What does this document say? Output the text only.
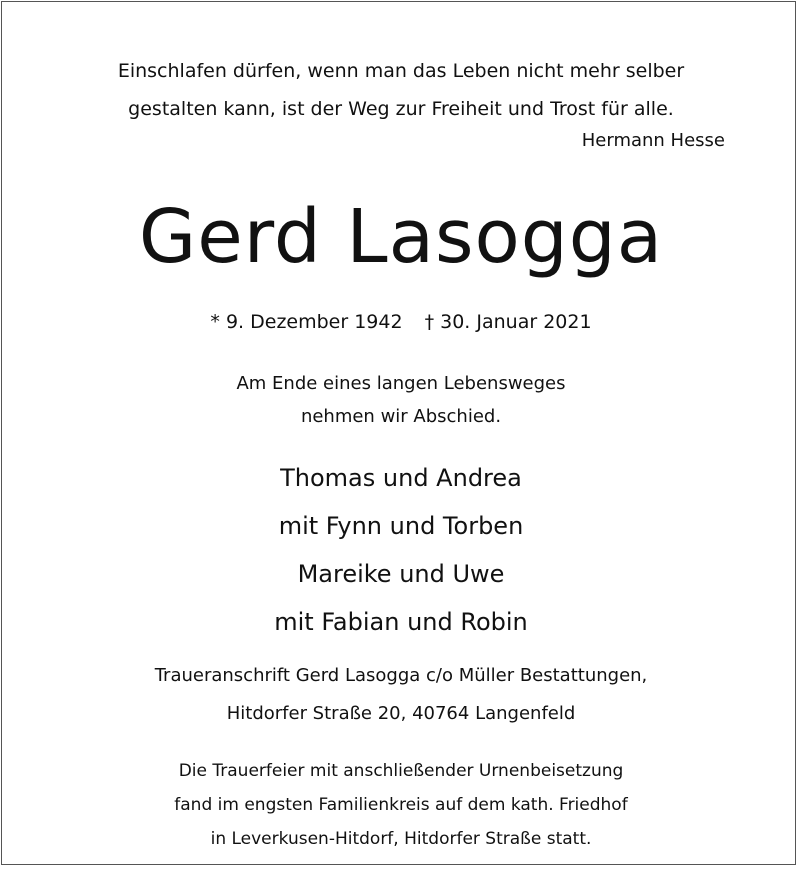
Einschlafen dürfen, wenn man das Leben nicht mehr selber
gestalten kann, ist der Weg zur Freiheit und Trost für alle.
Hermann Hesse
Gerd Lasogga
* 9. Dezember 1942 † 30. Januar 2021
Am Ende eines langen Lebensweges
nehmen wir Abschied.
Thomas und Andrea
mit Fynn und Torben
Mareike und Uwe
mit Fabian und Robin
Traueranschrift Gerd Lasogga c/o Müller Bestattungen,
Hitdorfer Straße 20, 40764 Langenfeld
Die Trauerfeier mit anschließender Urnenbeisetzung
fand im engsten Familienkreis auf dem kath. Friedhof
in Leverkusen-Hitdorf, Hitdorfer Straße statt.
